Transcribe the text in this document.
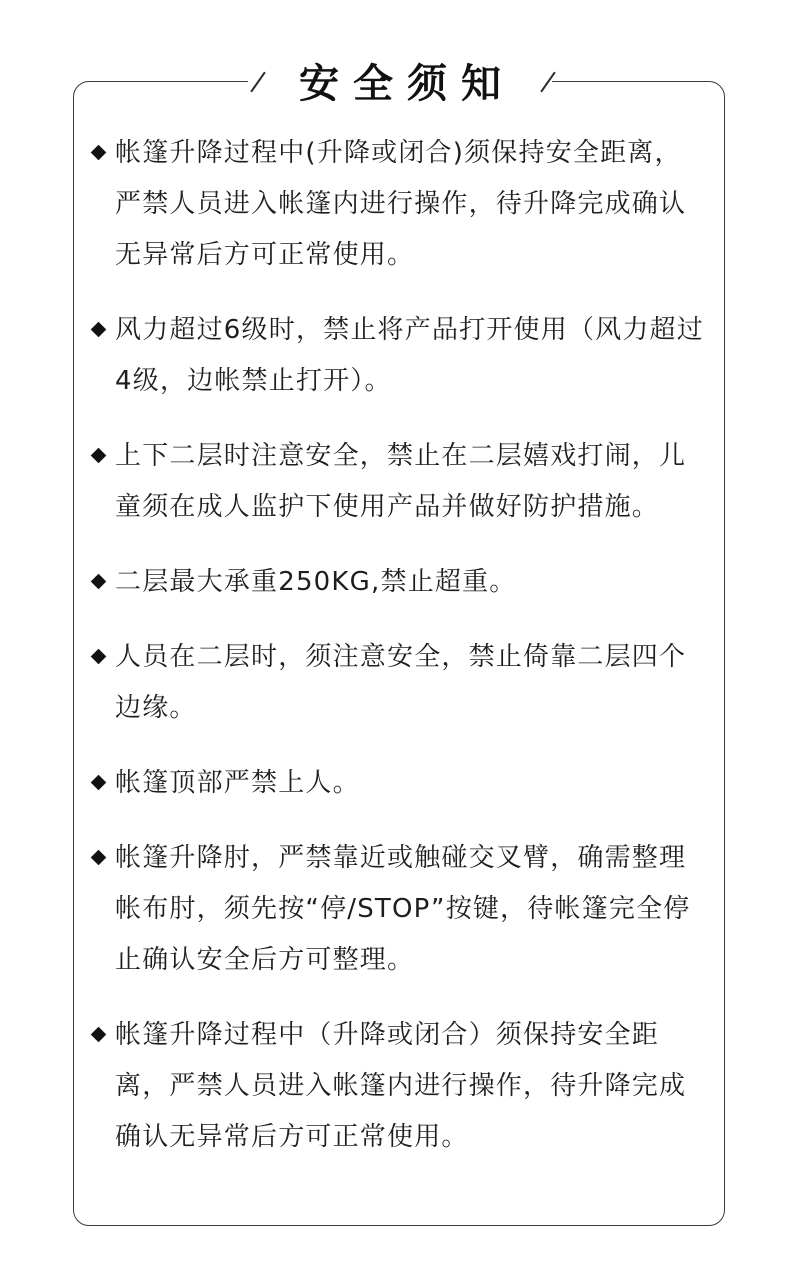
安全须知
帐篷升降过程中(升降或闭合)须保持安全距离，严禁人员进入帐篷内进行操作，待升降完成确认无异常后方可正常使用。
风力超过6级时，禁止将产品打开使用（风力超过4级，边帐禁止打开）。
上下二层时注意安全，禁止在二层嬉戏打闹，儿童须在成人监护下使用产品并做好防护措施。
二层最大承重250KG,禁止超重。
人员在二层时，须注意安全，禁止倚靠二层四个边缘。
帐篷顶部严禁上人。
帐篷升降肘，严禁靠近或触碰交叉臂，确需整理帐布肘，须先按“停/STOP”按键，待帐篷完全停止确认安全后方可整理。
帐篷升降过程中（升降或闭合）须保持安全距离，严禁人员进入帐篷内进行操作，待升降完成确认无异常后方可正常使用。
